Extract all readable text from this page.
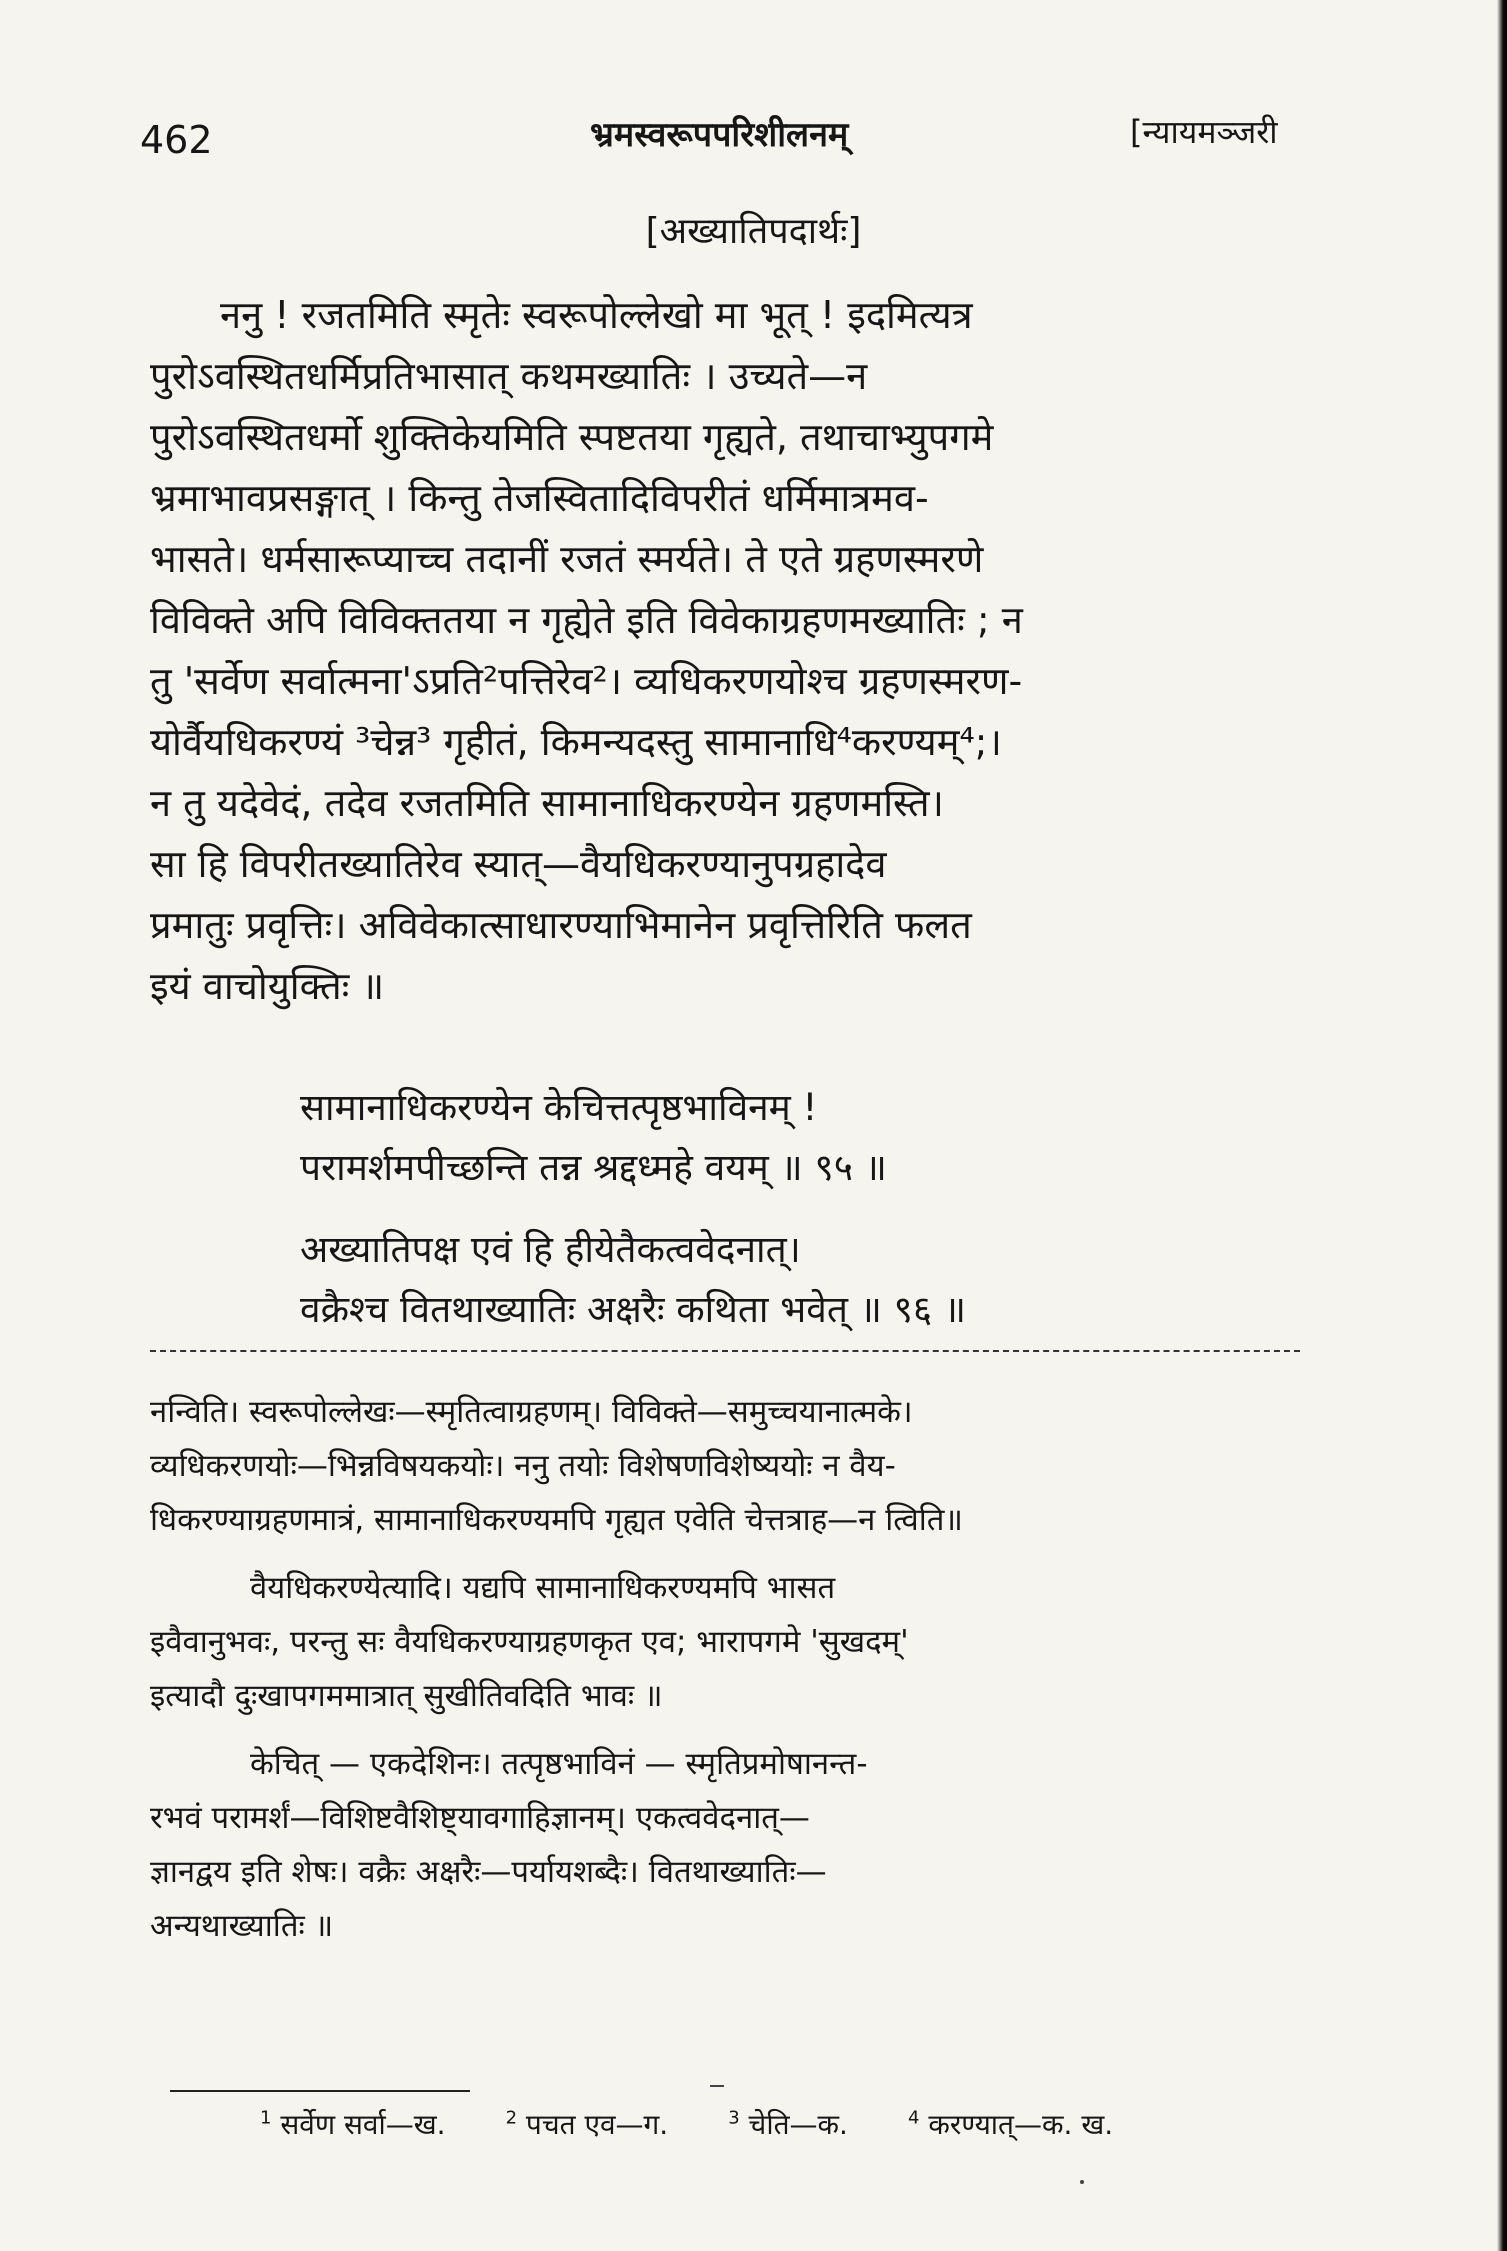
462	भ्रमस्वरूपपरिशीलनम्	[न्यायमञ्जरी
[अख्यातिपदार्थः]

ननु ! रजतमिति स्मृतेः स्वरूपोल्लेखो मा भूत् ! इदमित्यत्र
पुरोऽवस्थितधर्मिप्रतिभासात् कथमख्यातिः । उच्यते—न
पुरोऽवस्थितधर्मो शुक्तिकेयमिति स्पष्टतया गृह्यते, तथाचाभ्युपगमे
भ्रमाभावप्रसङ्गात् । किन्तु तेजस्वितादिविपरीतं धर्मिमात्रमव-
भासते। धर्मसारूप्याच्च तदानीं रजतं स्मर्यते। ते एते ग्रहणस्मरणे
विविक्ते अपि विविक्ततया न गृह्येते इति विवेकाग्रहणमख्यातिः ; न
तु 'सर्वेण सर्वात्मना'ऽप्रति²पत्तिरेव²। व्यधिकरणयोश्च ग्रहणस्मरण-
योर्वैयधिकरण्यं ³चेन्न³ गृहीतं, किमन्यदस्तु सामानाधि⁴करण्यम्⁴;।
न तु यदेवेदं, तदेव रजतमिति सामानाधिकरण्येन ग्रहणमस्ति।
सा हि विपरीतख्यातिरेव स्यात्—वैयधिकरण्यानुपग्रहादेव
प्रमातुः प्रवृत्तिः। अविवेकात्साधारण्याभिमानेन प्रवृत्तिरिति फलत
इयं वाचोयुक्तिः ॥

सामानाधिकरण्येन केचित्तत्पृष्ठभाविनम् !
परामर्शमपीच्छन्ति तन्न श्रद्दध्महे वयम् ॥ ९५ ॥
अख्यातिपक्ष एवं हि हीयेतैकत्ववेदनात्।
वक्रैश्च वितथाख्यातिः अक्षरैः कथिता भवेत् ॥ ९६ ॥

नन्विति। स्वरूपोल्लेखः—स्मृतित्वाग्रहणम्। विविक्ते—समुच्चयानात्मके।
व्यधिकरणयोः—भिन्नविषयकयोः। ननु तयोः विशेषणविशेष्ययोः न वैय-
धिकरण्याग्रहणमात्रं, सामानाधिकरण्यमपि गृह्यत एवेति चेत्तत्राह—न त्विति॥

वैयधिकरण्येत्यादि। यद्यपि सामानाधिकरण्यमपि भासत
इवैवानुभवः, परन्तु सः वैयधिकरण्याग्रहणकृत एव; भारापगमे 'सुखदम्'
इत्यादौ दुःखापगममात्रात् सुखीतिवदिति भावः ॥

केचित् — एकदेशिनः। तत्पृष्ठभाविनं — स्मृतिप्रमोषानन्त-
रभवं परामर्शं—विशिष्टवैशिष्ट्यावगाहिज्ञानम्। एकत्ववेदनात्—
ज्ञानद्वय इति शेषः। वक्रैः अक्षरैः—पर्यायशब्दैः। वितथाख्यातिः—
अन्यथाख्यातिः ॥

$^1$ सर्वेण सर्वा—ख.	$^2$ पचत एव—ग.	$^3$ चेति—क.	$^4$ करण्यात्—क. ख.
